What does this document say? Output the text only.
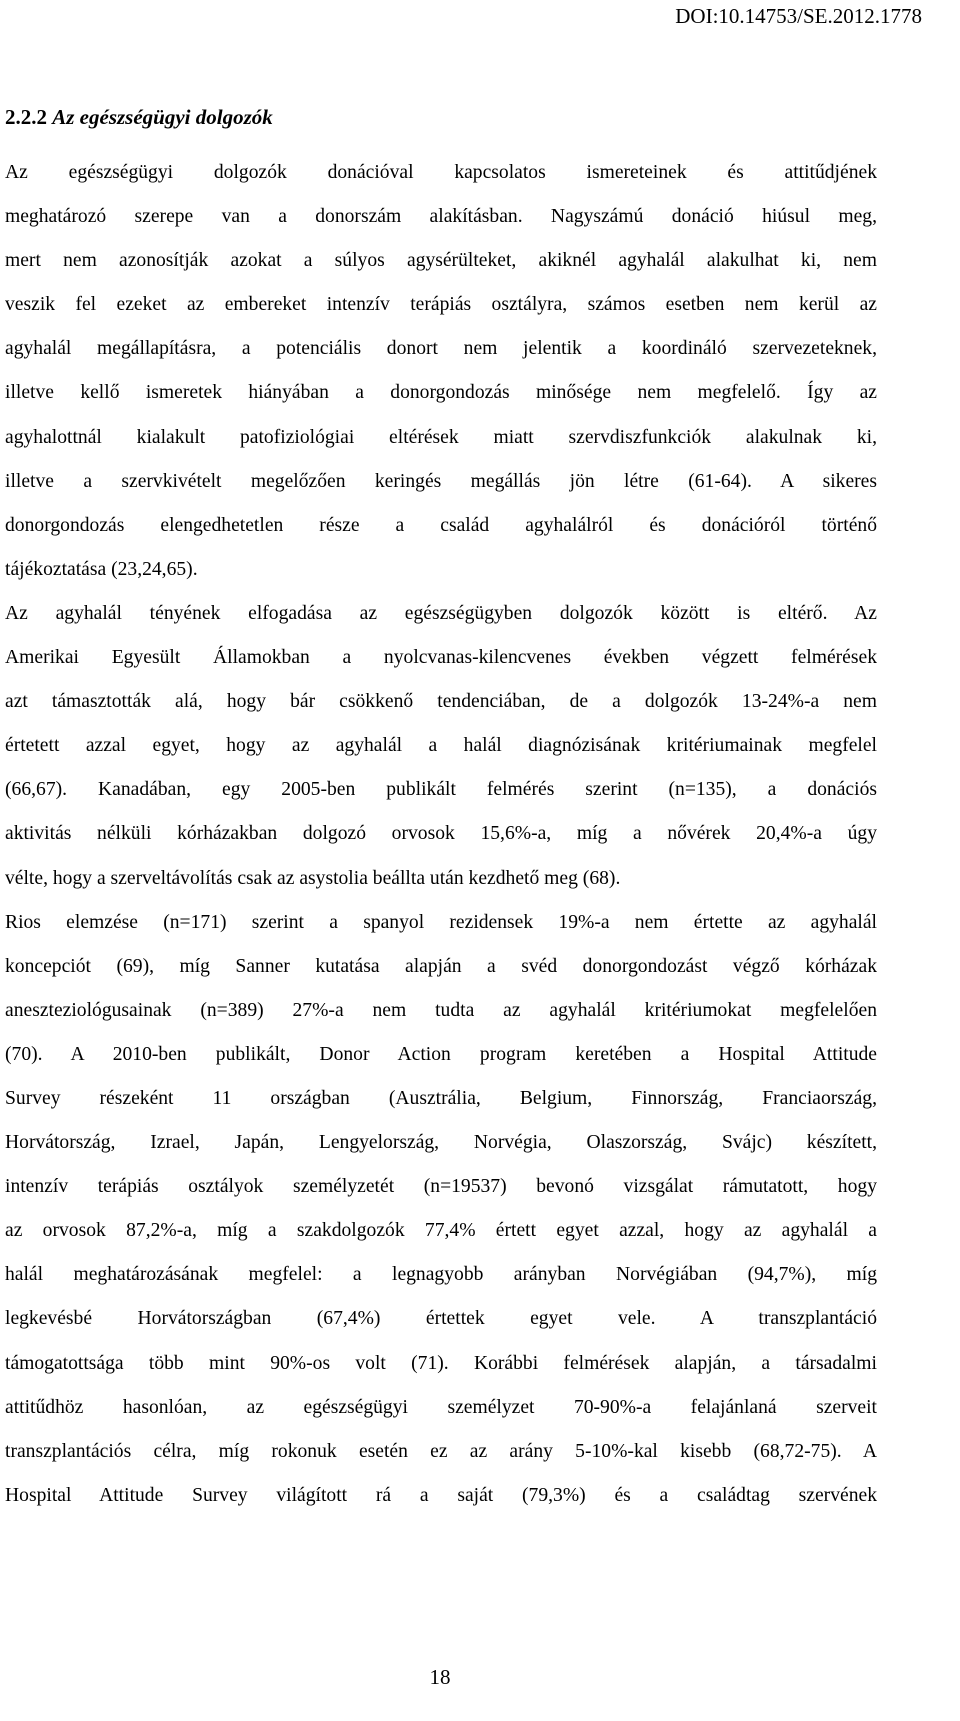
DOI:10.14753/SE.2012.1778
2.2.2 Az egészségügyi dolgozók
Az egészségügyi dolgozók donációval kapcsolatos ismereteinek és attitűdjének
meghatározó szerepe van a donorszám alakításban. Nagyszámú donáció hiúsul meg,
mert nem azonosítják azokat a súlyos agysérülteket, akiknél agyhalál alakulhat ki, nem
veszik fel ezeket az embereket intenzív terápiás osztályra, számos esetben nem kerül az
agyhalál megállapításra, a potenciális donort nem jelentik a koordináló szervezeteknek,
illetve kellő ismeretek hiányában a donorgondozás minősége nem megfelelő. Így az
agyhalottnál kialakult patofiziológiai eltérések miatt szervdiszfunkciók alakulnak ki,
illetve a szervkivételt megelőzően keringés megállás jön létre (61-64). A sikeres
donorgondozás elengedhetetlen része a család agyhalálról és donációról történő
tájékoztatása (23,24,65).
Az agyhalál tényének elfogadása az egészségügyben dolgozók között is eltérő. Az
Amerikai Egyesült Államokban a nyolcvanas-kilencvenes években végzett felmérések
azt támasztották alá, hogy bár csökkenő tendenciában, de a dolgozók 13-24%-a nem
értetett azzal egyet, hogy az agyhalál a halál diagnózisának kritériumainak megfelel
(66,67). Kanadában, egy 2005-ben publikált felmérés szerint (n=135), a donációs
aktivitás nélküli kórházakban dolgozó orvosok 15,6%-a, míg a nővérek 20,4%-a úgy
vélte, hogy a szerveltávolítás csak az asystolia beállta után kezdhető meg (68).
Rios elemzése (n=171) szerint a spanyol rezidensek 19%-a nem értette az agyhalál
koncepciót (69), míg Sanner kutatása alapján a svéd donorgondozást végző kórházak
aneszteziológusainak (n=389) 27%-a nem tudta az agyhalál kritériumokat megfelelően
(70). A 2010-ben publikált, Donor Action program keretében a Hospital Attitude
Survey részeként 11 országban (Ausztrália, Belgium, Finnország, Franciaország,
Horvátország, Izrael, Japán, Lengyelország, Norvégia, Olaszország, Svájc) készített,
intenzív terápiás osztályok személyzetét (n=19537) bevonó vizsgálat rámutatott, hogy
az orvosok 87,2%-a, míg a szakdolgozók 77,4% értett egyet azzal, hogy az agyhalál a
halál meghatározásának megfelel: a legnagyobb arányban Norvégiában (94,7%), míg
legkevésbé Horvátországban (67,4%) értettek egyet vele. A transzplantáció
támogatottsága több mint 90%-os volt (71). Korábbi felmérések alapján, a társadalmi
attitűdhöz hasonlóan, az egészségügyi személyzet 70-90%-a felajánlaná szerveit
transzplantációs célra, míg rokonuk esetén ez az arány 5-10%-kal kisebb (68,72-75). A
Hospital Attitude Survey világított rá a saját (79,3%) és a családtag szervének
18
